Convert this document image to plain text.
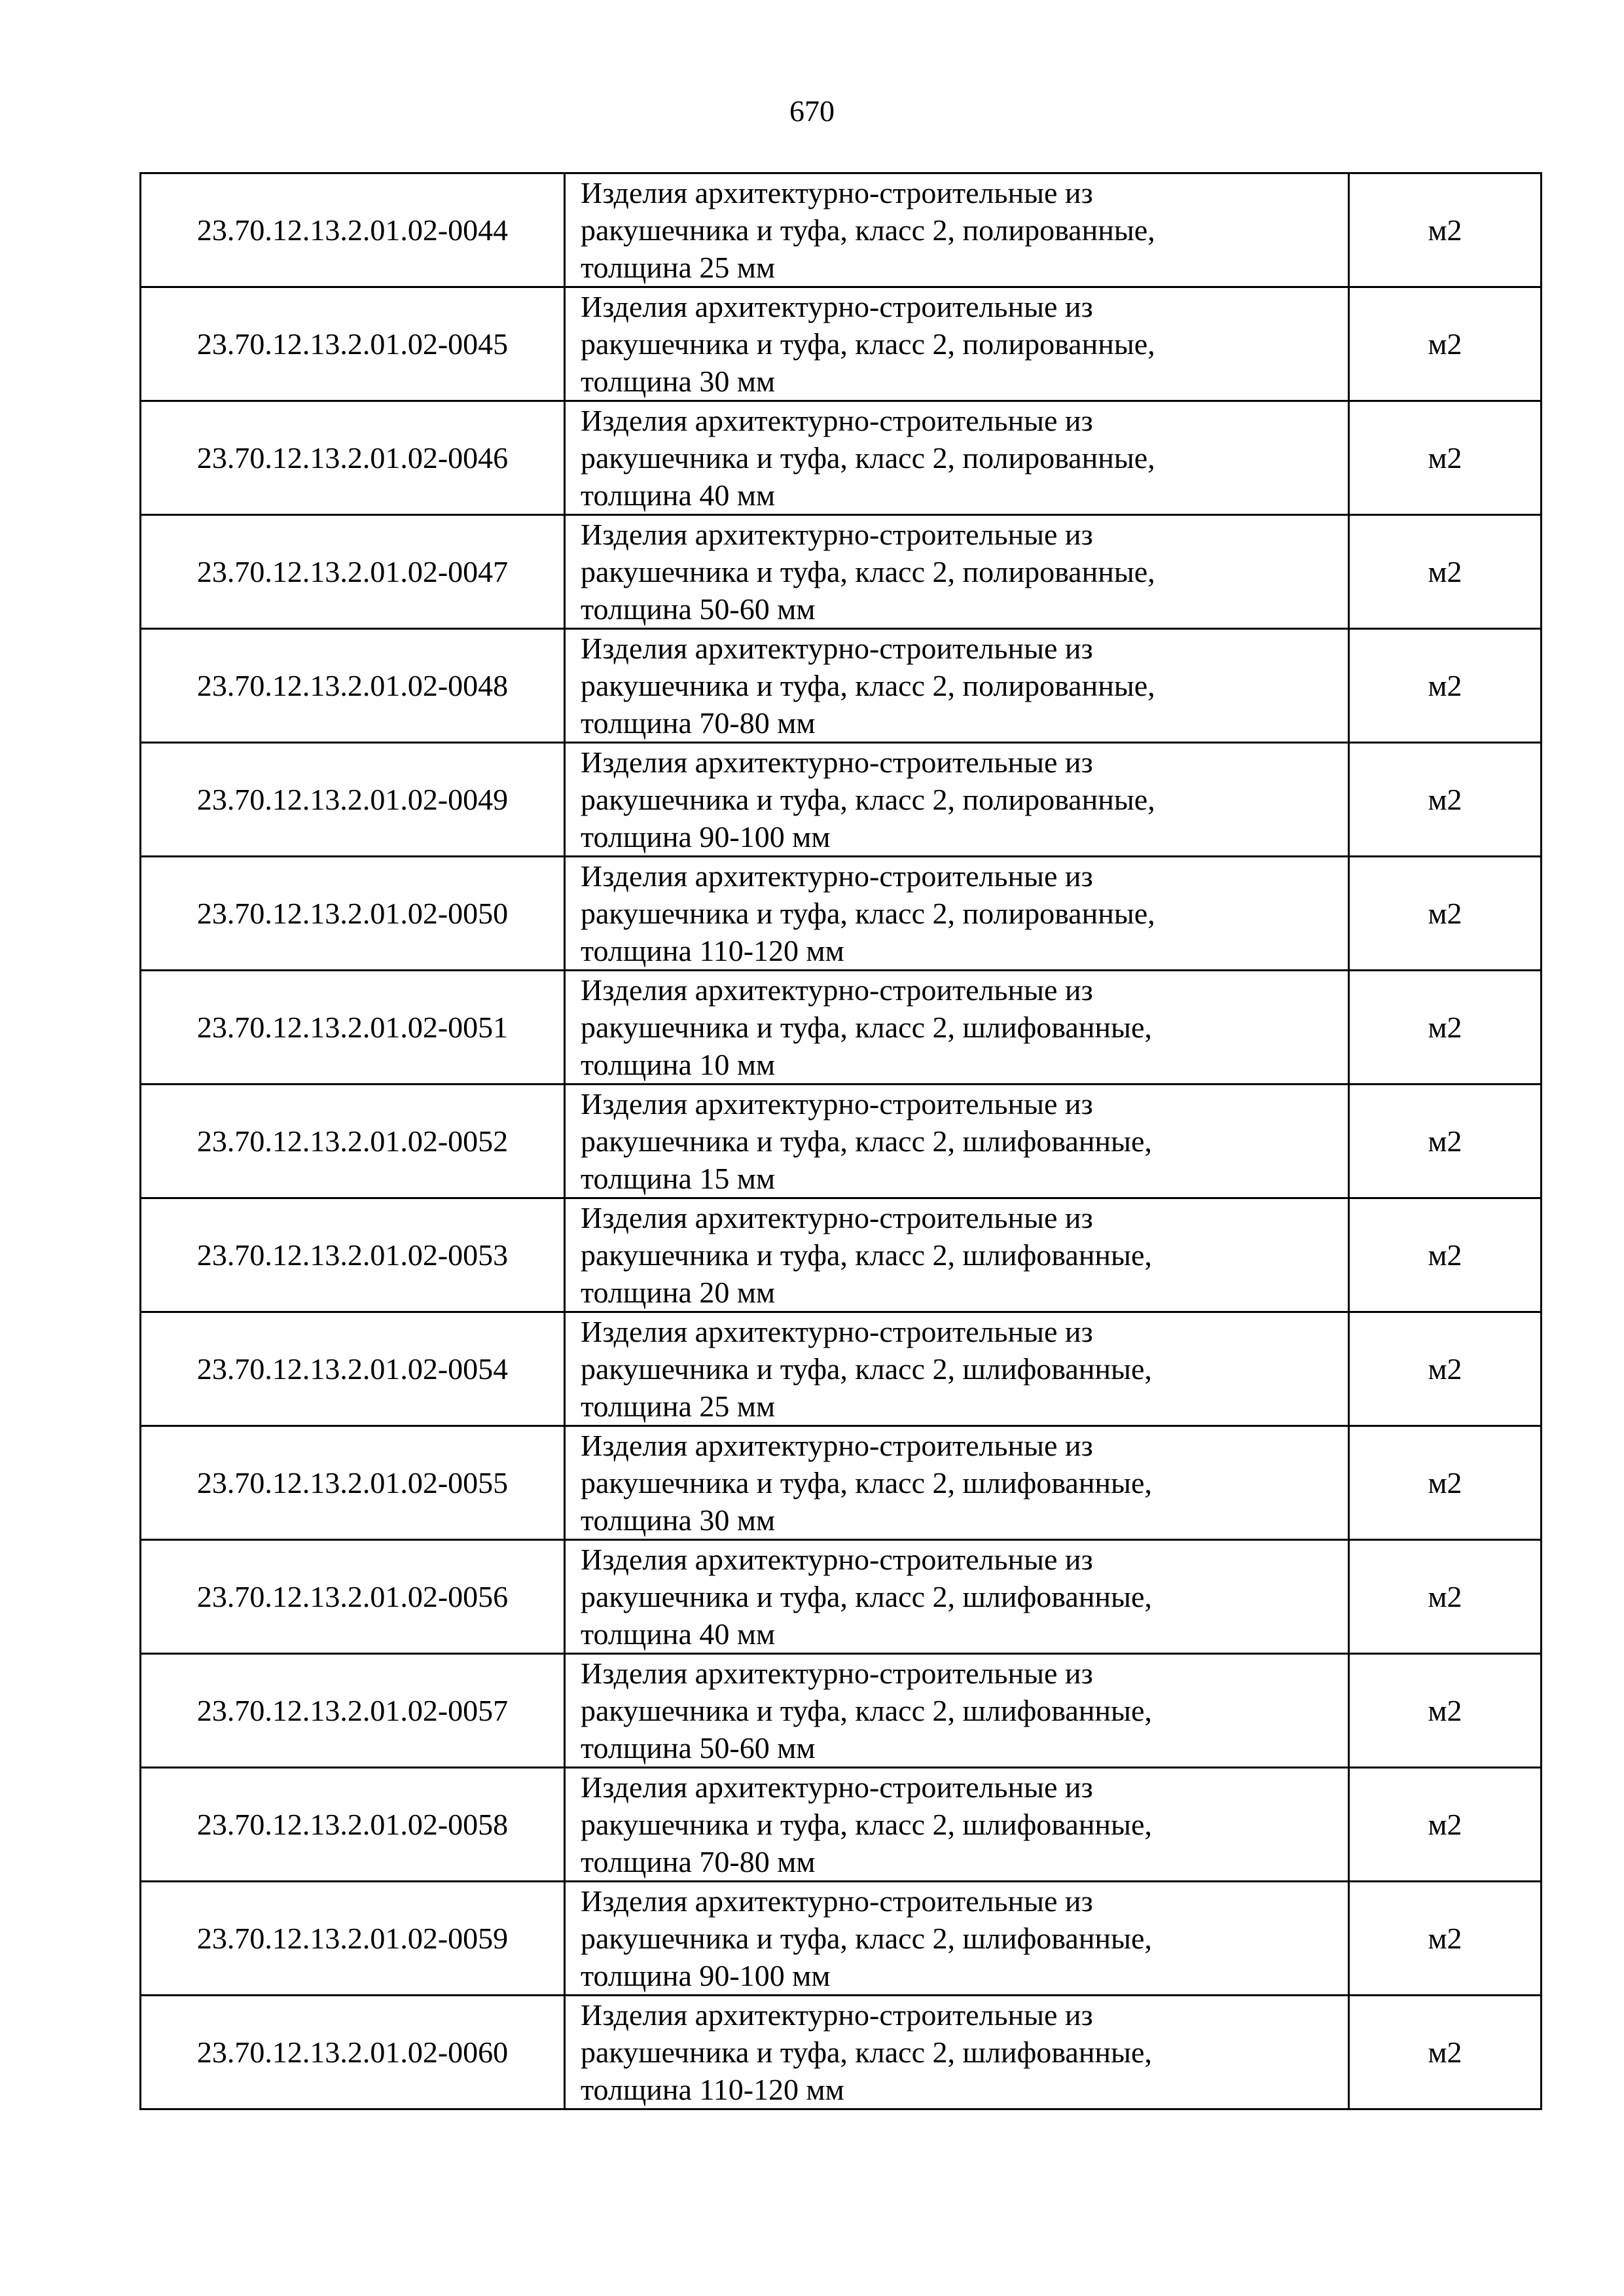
670
23.70.12.13.2.01.02-0044	Изделия архитектурно-строительные из
ракушечника и туфа, класс 2, полированные,
толщина 25 мм	м2
23.70.12.13.2.01.02-0045	Изделия архитектурно-строительные из
ракушечника и туфа, класс 2, полированные,
толщина 30 мм	м2
23.70.12.13.2.01.02-0046	Изделия архитектурно-строительные из
ракушечника и туфа, класс 2, полированные,
толщина 40 мм	м2
23.70.12.13.2.01.02-0047	Изделия архитектурно-строительные из
ракушечника и туфа, класс 2, полированные,
толщина 50-60 мм	м2
23.70.12.13.2.01.02-0048	Изделия архитектурно-строительные из
ракушечника и туфа, класс 2, полированные,
толщина 70-80 мм	м2
23.70.12.13.2.01.02-0049	Изделия архитектурно-строительные из
ракушечника и туфа, класс 2, полированные,
толщина 90-100 мм	м2
23.70.12.13.2.01.02-0050	Изделия архитектурно-строительные из
ракушечника и туфа, класс 2, полированные,
толщина 110-120 мм	м2
23.70.12.13.2.01.02-0051	Изделия архитектурно-строительные из
ракушечника и туфа, класс 2, шлифованные,
толщина 10 мм	м2
23.70.12.13.2.01.02-0052	Изделия архитектурно-строительные из
ракушечника и туфа, класс 2, шлифованные,
толщина 15 мм	м2
23.70.12.13.2.01.02-0053	Изделия архитектурно-строительные из
ракушечника и туфа, класс 2, шлифованные,
толщина 20 мм	м2
23.70.12.13.2.01.02-0054	Изделия архитектурно-строительные из
ракушечника и туфа, класс 2, шлифованные,
толщина 25 мм	м2
23.70.12.13.2.01.02-0055	Изделия архитектурно-строительные из
ракушечника и туфа, класс 2, шлифованные,
толщина 30 мм	м2
23.70.12.13.2.01.02-0056	Изделия архитектурно-строительные из
ракушечника и туфа, класс 2, шлифованные,
толщина 40 мм	м2
23.70.12.13.2.01.02-0057	Изделия архитектурно-строительные из
ракушечника и туфа, класс 2, шлифованные,
толщина 50-60 мм	м2
23.70.12.13.2.01.02-0058	Изделия архитектурно-строительные из
ракушечника и туфа, класс 2, шлифованные,
толщина 70-80 мм	м2
23.70.12.13.2.01.02-0059	Изделия архитектурно-строительные из
ракушечника и туфа, класс 2, шлифованные,
толщина 90-100 мм	м2
23.70.12.13.2.01.02-0060	Изделия архитектурно-строительные из
ракушечника и туфа, класс 2, шлифованные,
толщина 110-120 мм	м2
